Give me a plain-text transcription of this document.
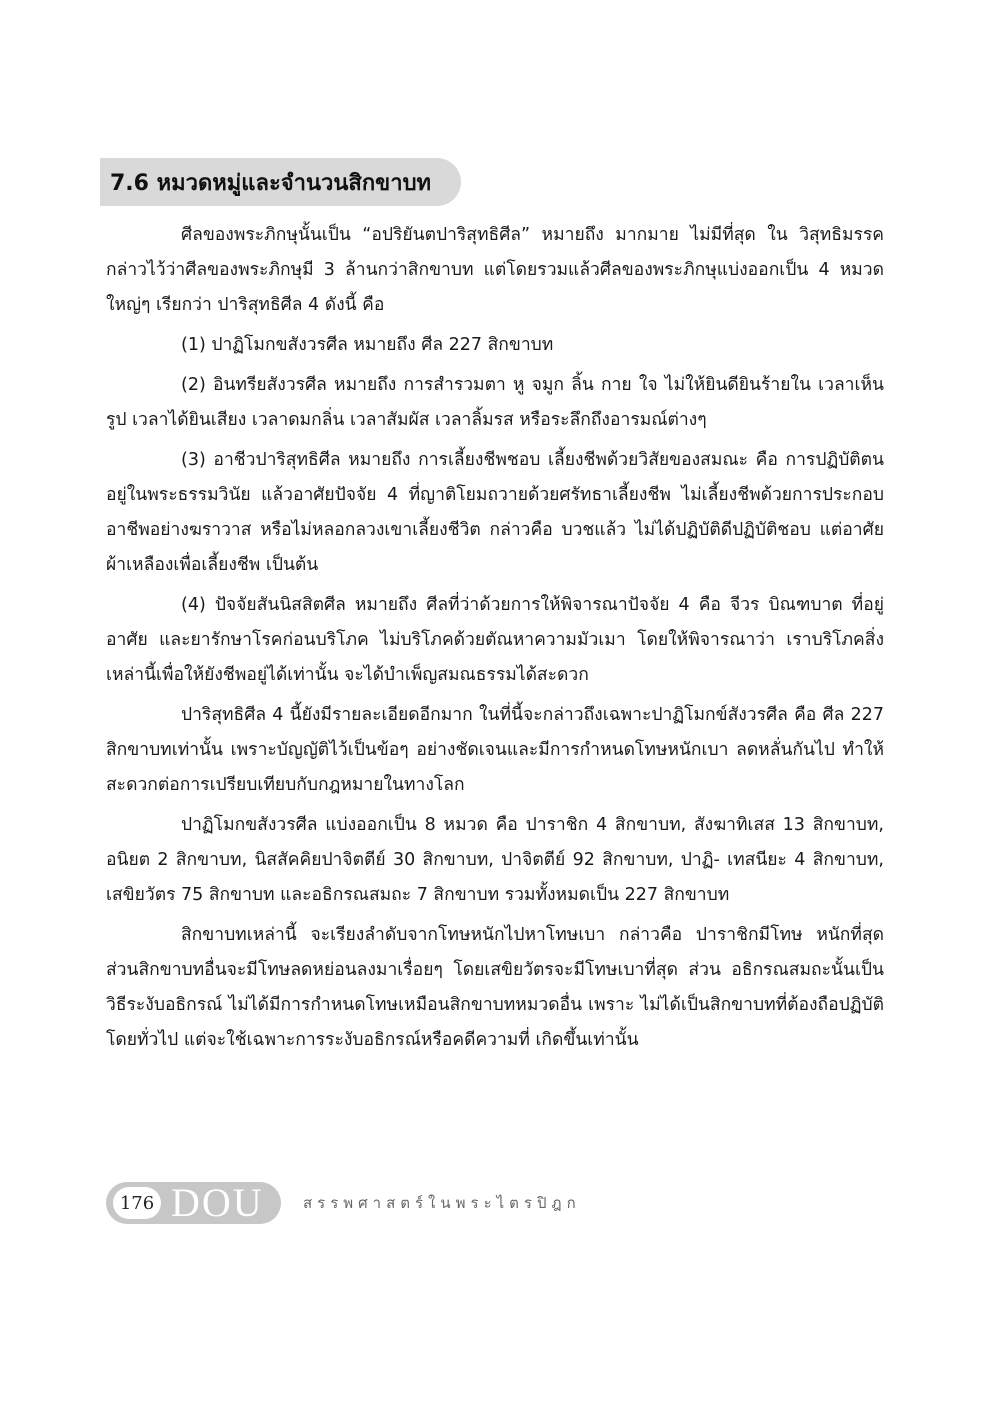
7.6 หมวดหมู่และจำนวนสิกขาบท

ศีลของพระภิกษุนั้นเป็น “อปริยันตปาริสุทธิศีล” หมายถึง มากมาย ไม่มีที่สุด ใน วิสุทธิมรรคกล่าวไว้ว่าศีลของพระภิกษุมี 3 ล้านกว่าสิกขาบท แต่โดยรวมแล้วศีลของพระภิกษุแบ่งออกเป็น 4 หมวดใหญ่ๆ เรียกว่า ปาริสุทธิศีล 4 ดังนี้ คือ

(1) ปาฏิโมกขสังวรศีล หมายถึง ศีล 227 สิกขาบท

(2) อินทรียสังวรศีล หมายถึง การสำรวมตา หู จมูก ลิ้น กาย ใจ ไม่ให้ยินดียินร้ายใน เวลาเห็นรูป เวลาได้ยินเสียง เวลาดมกลิ่น เวลาสัมผัส เวลาลิ้มรส หรือระลึกถึงอารมณ์ต่างๆ

(3) อาชีวปาริสุทธิศีล หมายถึง การเลี้ยงชีพชอบ เลี้ยงชีพด้วยวิสัยของสมณะ คือ การปฏิบัติตนอยู่ในพระธรรมวินัย แล้วอาศัยปัจจัย 4 ที่ญาติโยมถวายด้วยศรัทธาเลี้ยงชีพ ไม่เลี้ยงชีพด้วยการประกอบอาชีพอย่างฆราวาส หรือไม่หลอกลวงเขาเลี้ยงชีวิต กล่าวคือ บวชแล้ว ไม่ได้ปฏิบัติดีปฏิบัติชอบ แต่อาศัยผ้าเหลืองเพื่อเลี้ยงชีพ เป็นต้น

(4) ปัจจัยสันนิสสิตศีล หมายถึง ศีลที่ว่าด้วยการให้พิจารณาปัจจัย 4 คือ จีวร บิณฑบาต ที่อยู่อาศัย และยารักษาโรคก่อนบริโภค ไม่บริโภคด้วยตัณหาความมัวเมา โดยให้พิจารณาว่า เราบริโภคสิ่งเหล่านี้เพื่อให้ยังชีพอยู่ได้เท่านั้น จะได้บำเพ็ญสมณธรรมได้สะดวก

ปาริสุทธิศีล 4 นี้ยังมีรายละเอียดอีกมาก ในที่นี้จะกล่าวถึงเฉพาะปาฏิโมกข์สังวรศีล คือ ศีล 227 สิกขาบทเท่านั้น เพราะบัญญัติไว้เป็นข้อๆ อย่างชัดเจนและมีการกำหนดโทษหนักเบา ลดหลั่นกันไป ทำให้สะดวกต่อการเปรียบเทียบกับกฎหมายในทางโลก

ปาฏิโมกขสังวรศีล แบ่งออกเป็น 8 หมวด คือ ปาราชิก 4 สิกขาบท, สังฆาทิเสส 13 สิกขาบท, อนิยต 2 สิกขาบท, นิสสัคคิยปาจิตตีย์ 30 สิกขาบท, ปาจิตตีย์ 92 สิกขาบท, ปาฏิ- เทสนียะ 4 สิกขาบท, เสขิยวัตร 75 สิกขาบท และอธิกรณสมถะ 7 สิกขาบท รวมทั้งหมดเป็น 227 สิกขาบท

สิกขาบทเหล่านี้ จะเรียงลำดับจากโทษหนักไปหาโทษเบา กล่าวคือ ปาราชิกมีโทษ หนักที่สุด ส่วนสิกขาบทอื่นจะมีโทษลดหย่อนลงมาเรื่อยๆ โดยเสขิยวัตรจะมีโทษเบาที่สุด ส่วน อธิกรณสมถะนั้นเป็นวิธีระงับอธิกรณ์ ไม่ได้มีการกำหนดโทษเหมือนสิกขาบทหมวดอื่น เพราะ ไม่ได้เป็นสิกขาบทที่ต้องถือปฏิบัติโดยทั่วไป แต่จะใช้เฉพาะการระงับอธิกรณ์หรือคดีความที่ เกิดขึ้นเท่านั้น

176 DOU	สรรพศาสตร์ในพระไตรปิฎก
